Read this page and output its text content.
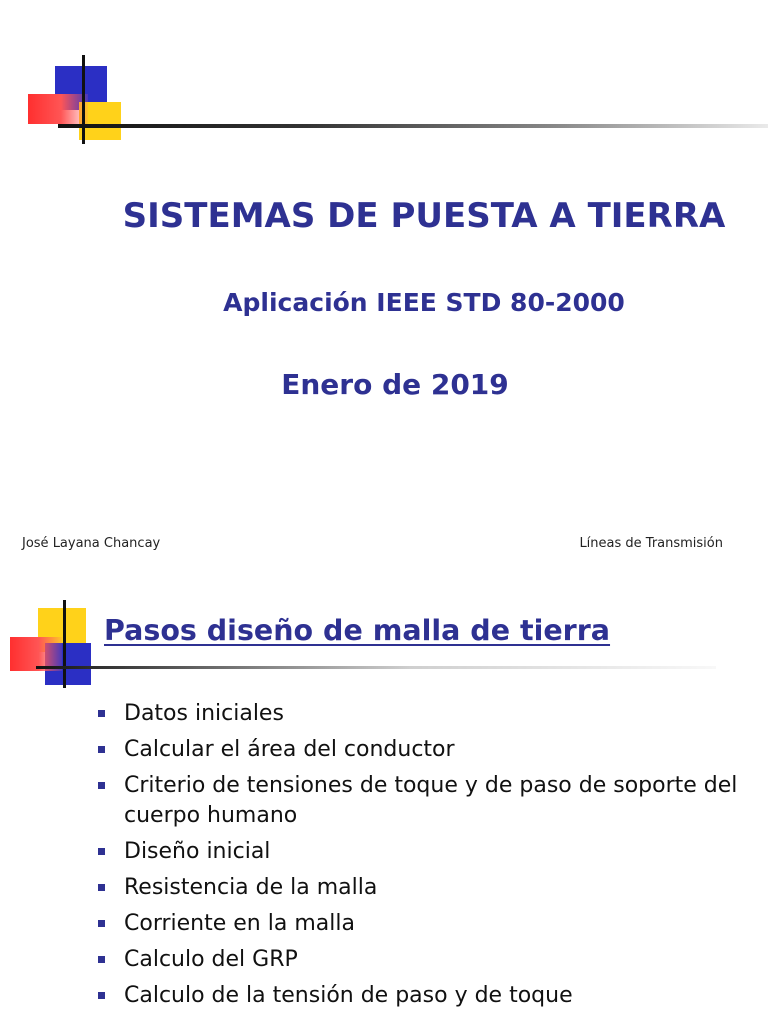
SISTEMAS DE PUESTA A TIERRA
Aplicación IEEE STD 80-2000
Enero de 2019
José Layana Chancay	Líneas de Transmisión
Pasos diseño de malla de tierra
Datos iniciales
Calcular el área del conductor
Criterio de tensiones de toque y de paso de soporte del cuerpo humano
Diseño inicial
Resistencia de la malla
Corriente en la malla
Calculo del GRP
Calculo de la tensión de paso y de toque
